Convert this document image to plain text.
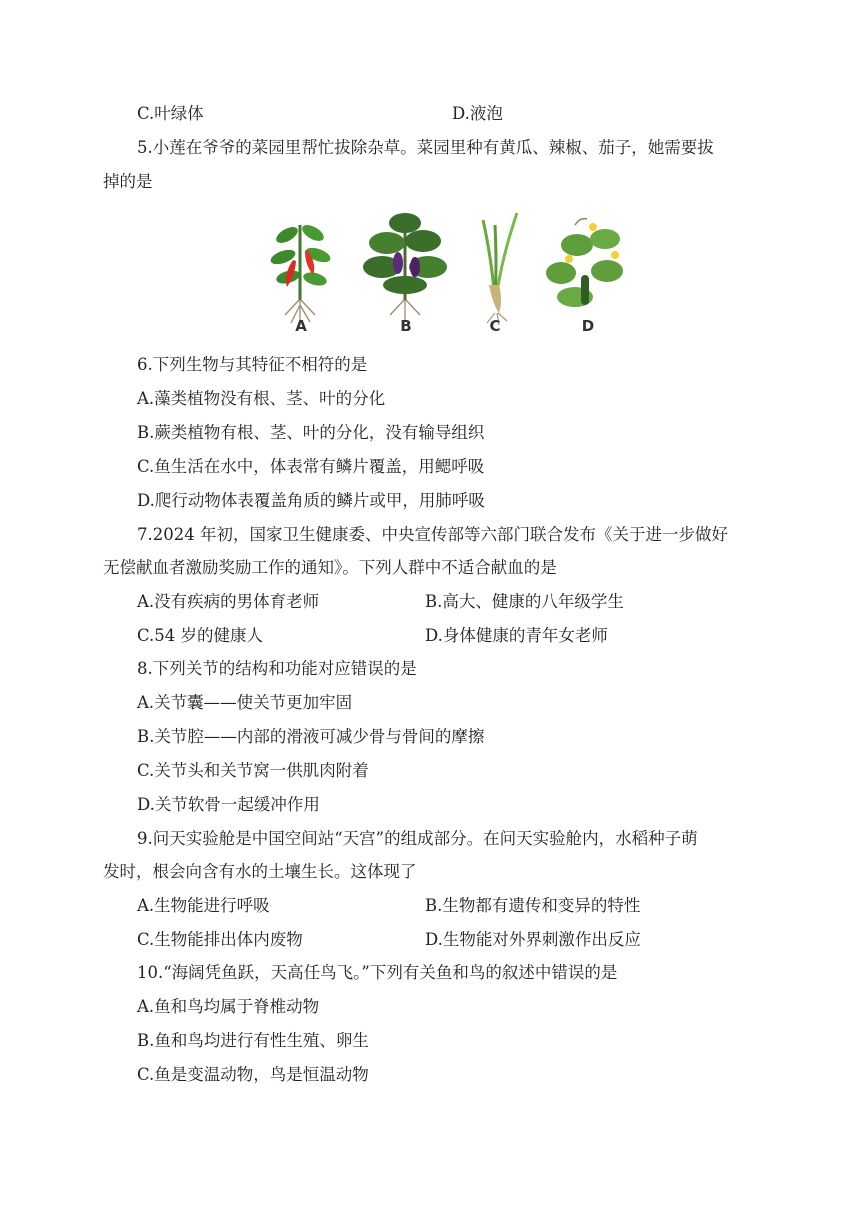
C.叶绿体	D.液泡
5.小莲在爷爷的菜园里帮忙拔除杂草。菜园里种有黄瓜、辣椒、茄子，她需要拔
掉的是
A	B	C	D
6.下列生物与其特征不相符的是
A.藻类植物没有根、茎、叶的分化
B.蕨类植物有根、茎、叶的分化，没有输导组织
C.鱼生活在水中，体表常有鳞片覆盖，用鳃呼吸
D.爬行动物体表覆盖角质的鳞片或甲，用肺呼吸
7.2024 年初，国家卫生健康委、中央宣传部等六部门联合发布《关于进一步做好
无偿献血者激励奖励工作的通知》。下列人群中不适合献血的是
A.没有疾病的男体育老师	B.高大、健康的八年级学生
C.54 岁的健康人	D.身体健康的青年女老师
8.下列关节的结构和功能对应错误的是
A.关节囊——使关节更加牢固
B.关节腔——内部的滑液可减少骨与骨间的摩擦
C.关节头和关节窝一供肌肉附着
D.关节软骨一起缓冲作用
9.问天实验舱是中国空间站“天宫”的组成部分。在问天实验舱内，水稻种子萌
发时，根会向含有水的土壤生长。这体现了
A.生物能进行呼吸	B.生物都有遗传和变异的特性
C.生物能排出体内废物	D.生物能对外界刺激作出反应
10.“海阔凭鱼跃，天高任鸟飞。”下列有关鱼和鸟的叙述中错误的是
A.鱼和鸟均属于脊椎动物
B.鱼和鸟均进行有性生殖、卵生
C.鱼是变温动物，鸟是恒温动物
